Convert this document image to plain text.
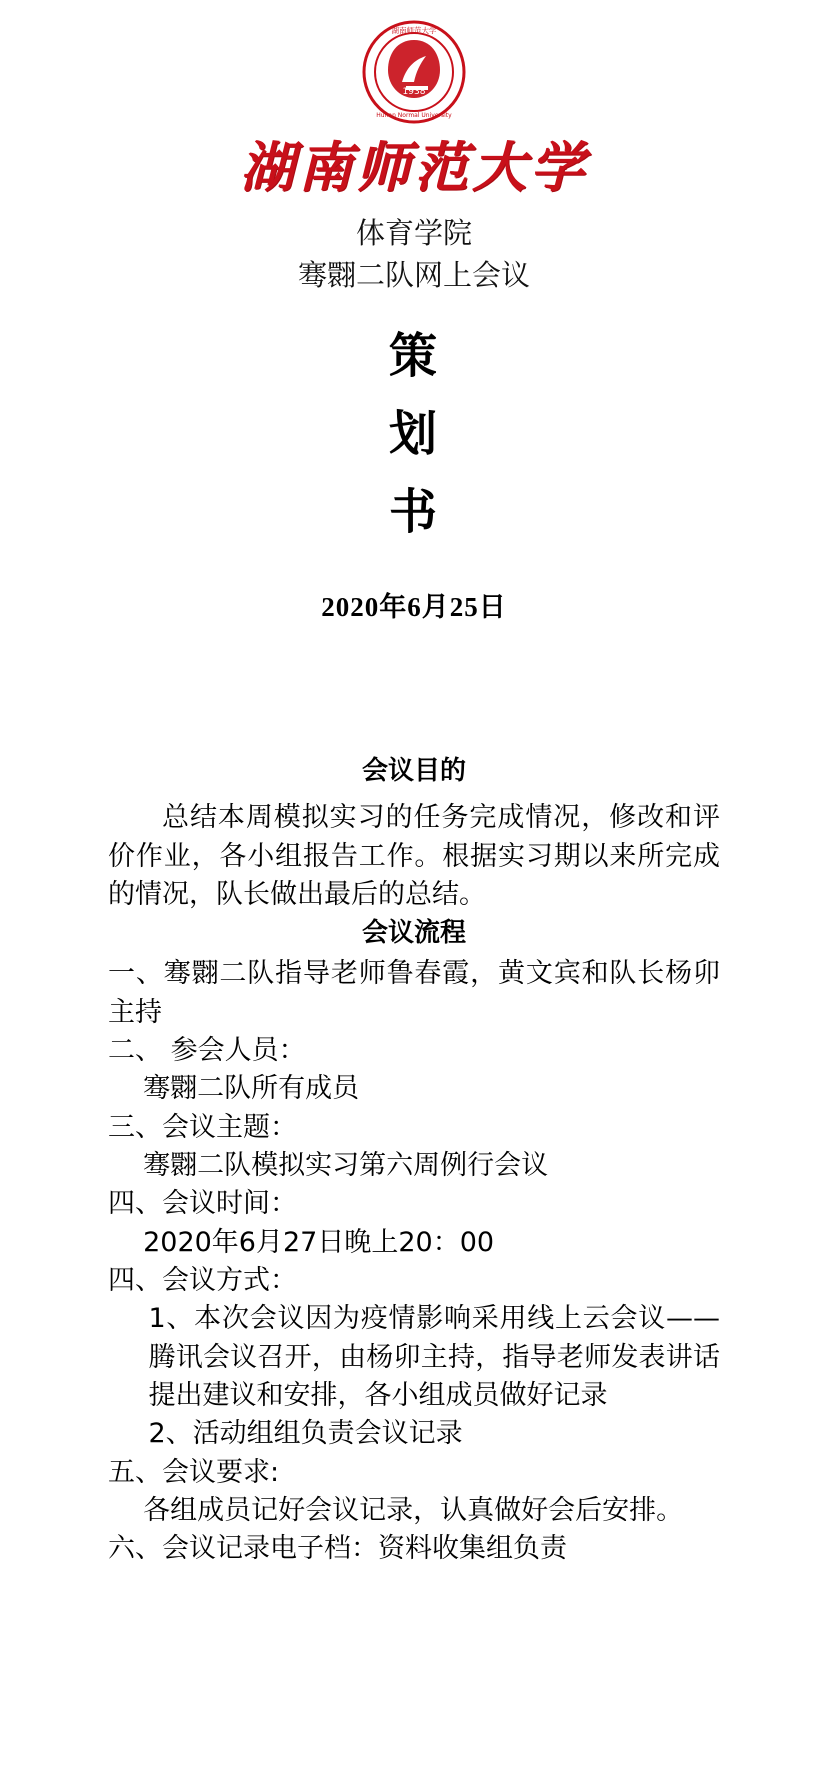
1938
湖南师范大学
Hunan Normal University
湖南师范大学
体育学院
骞翾二队网上会议
策
划
书
2020年6月25日
会议目的

总结本周模拟实习的任务完成情况，修改和评价作业，各小组报告工作。根据实习期以来所完成的情况，队长做出最后的总结。

会议流程
一、骞翾二队指导老师鲁春霞，黄文宾和队长杨卯主持
二、 参会人员：
骞翾二队所有成员
三、会议主题：
骞翾二队模拟实习第六周例行会议
四、会议时间：
2020年6月27日晚上20：00
四、会议方式：
1、本次会议因为疫情影响采用线上云会议——腾讯会议召开，由杨卯主持，指导老师发表讲话提出建议和安排，各小组成员做好记录
2、活动组组负责会议记录
五、会议要求:
各组成员记好会议记录，认真做好会后安排。
六、会议记录电子档：资料收集组负责
